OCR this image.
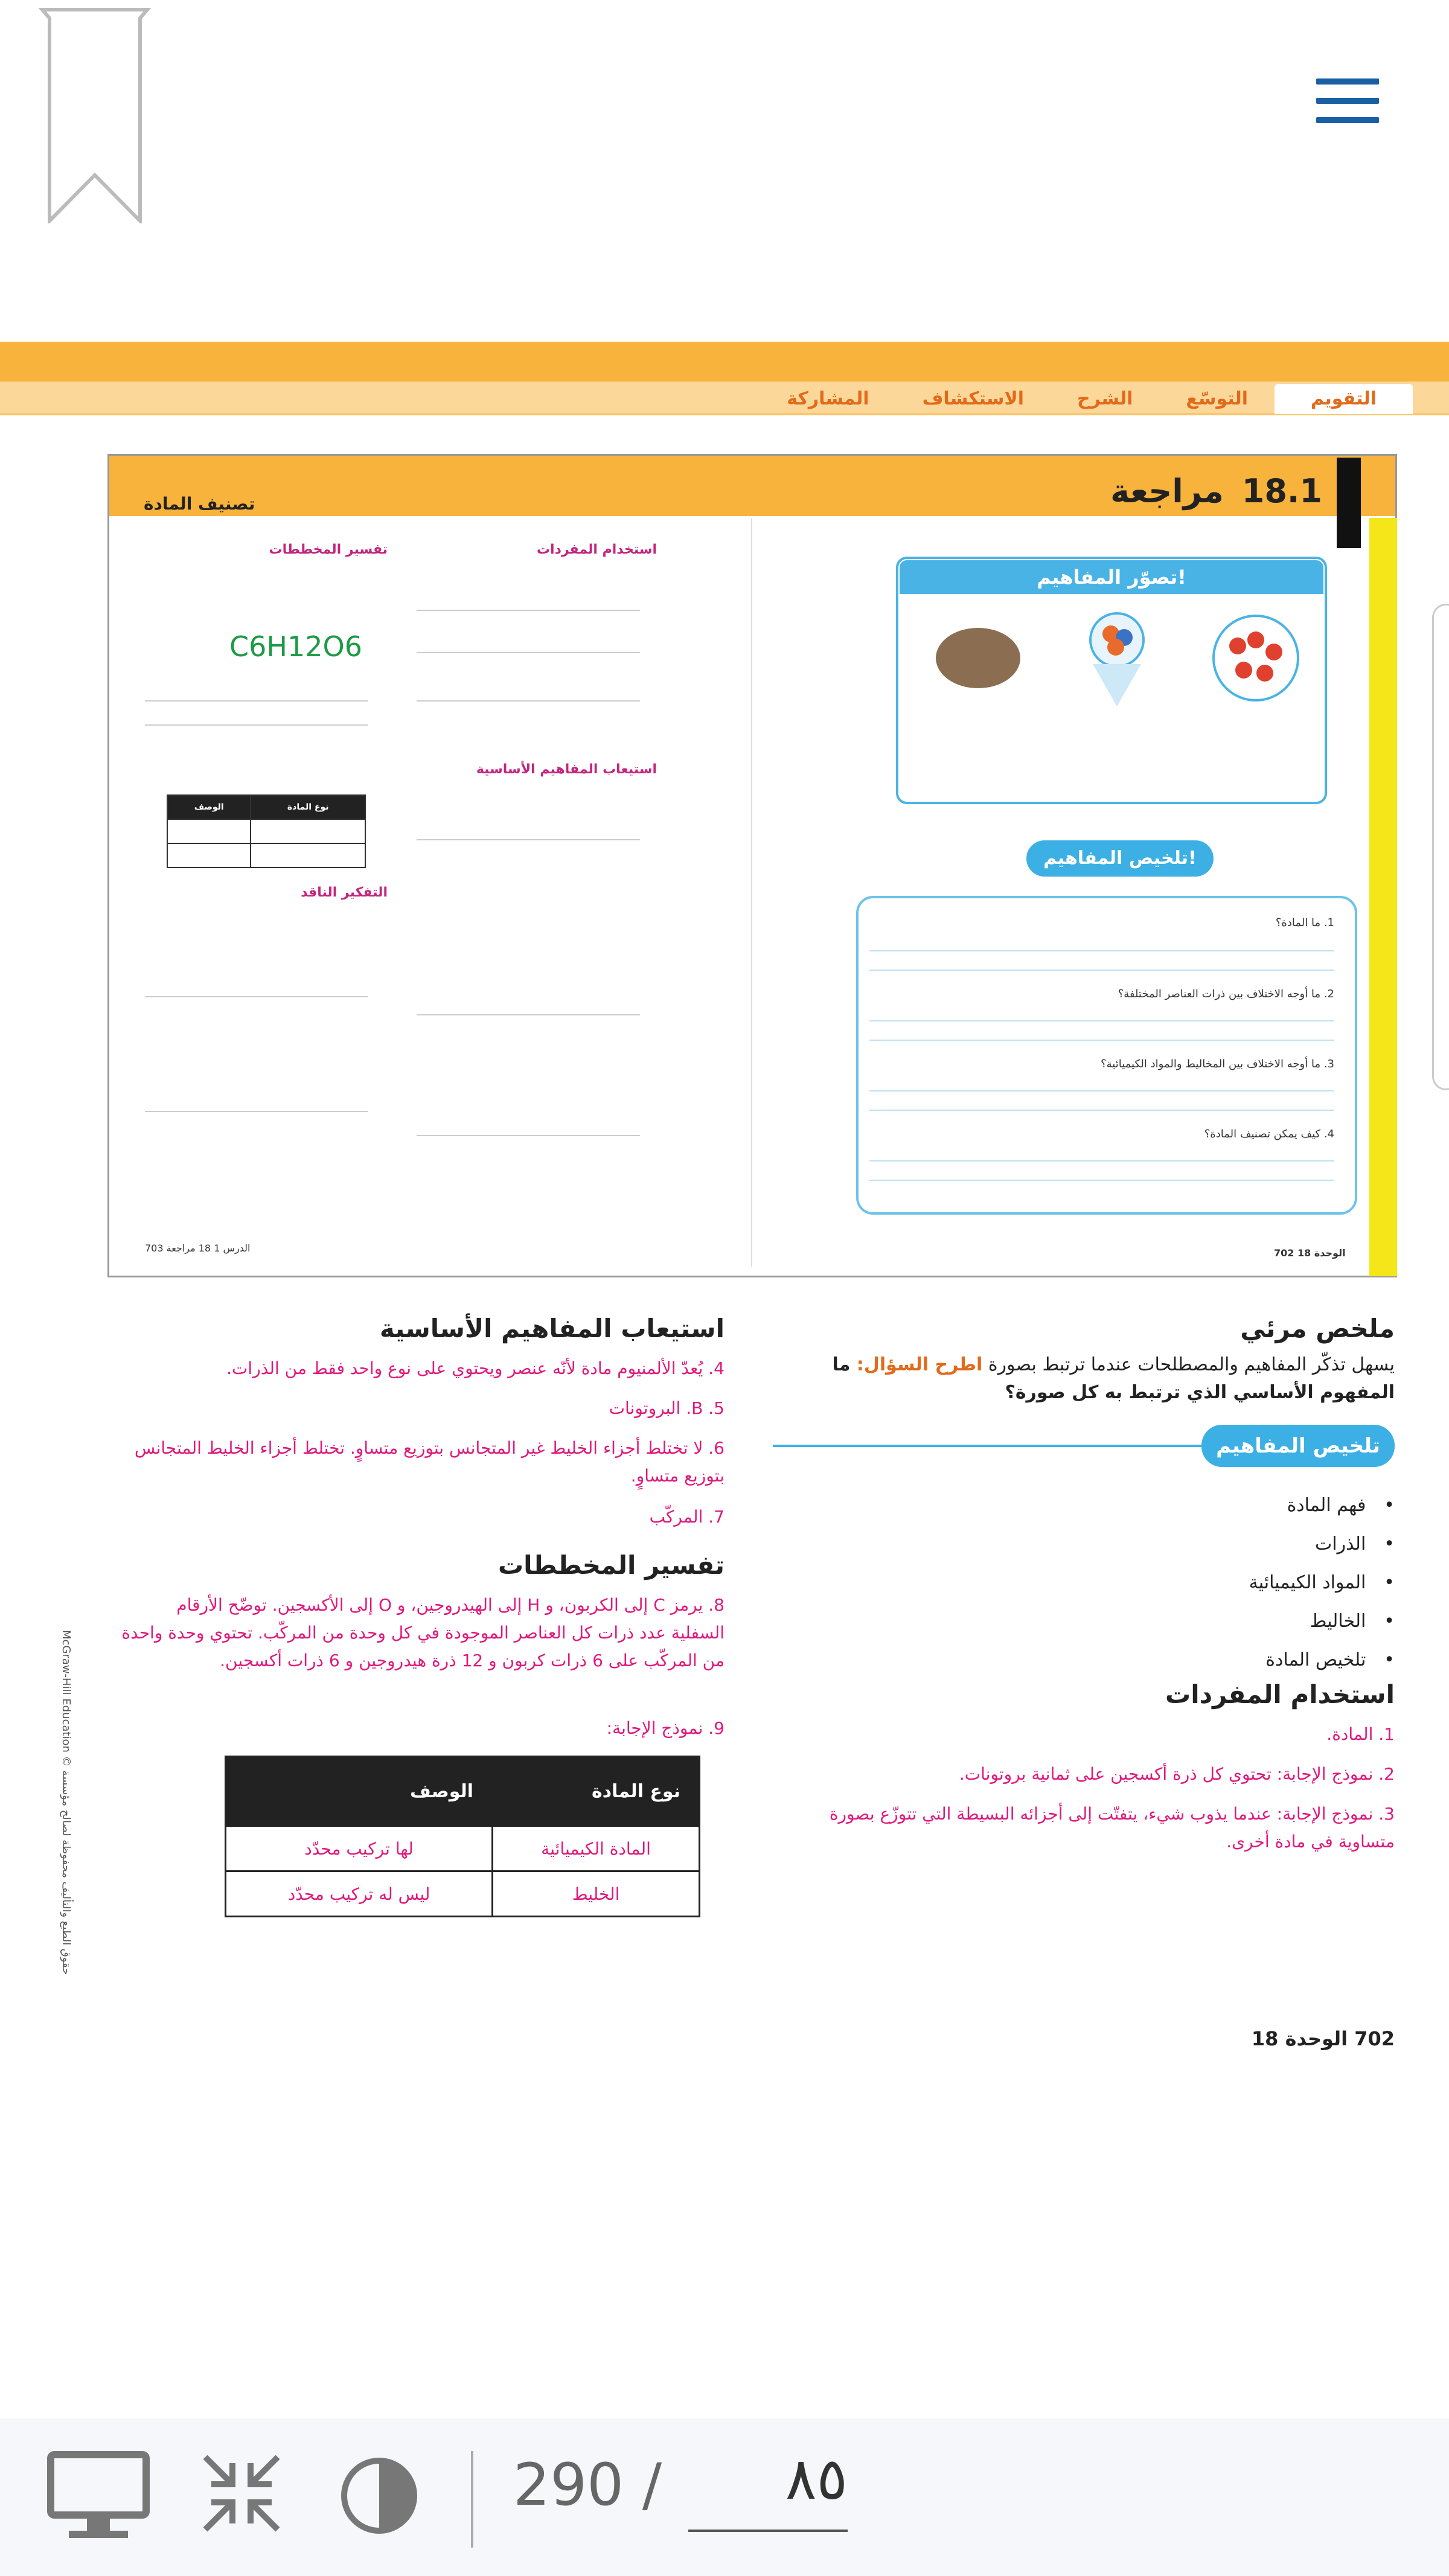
المشاركة	الاستكشاف	الشرح	التوسّع	التقويم
18.1مراجعة
تصنيف المادة
تصوّر المفاهيم!
تلخيص المفاهيم!
1. ما المادة؟
2. ما أوجه الاختلاف بين ذرات العناصر المختلفة؟
3. ما أوجه الاختلاف بين المخاليط والمواد الكيميائية؟
4. كيف يمكن تصنيف المادة؟
استخدام المفردات
استيعاب المفاهيم الأساسية
تفسير المخططات
التفكير الناقد
C6H12O6
الوصف	نوع المادة

الدرس 1 18 مراجعة 703	الوحدة 18 702
ملخص مرئي
يسهل تذكّر المفاهيم والمصطلحات عندما ترتبط بصورة اطرح السؤال: ما المفهوم الأساسي الذي ترتبط به كل صورة؟
تلخيص المفاهيم
• فهم المادة
• الذرات
• المواد الكيميائية
• الخاليط
• تلخيص المادة
استخدام المفردات
1. المادة.
2. نموذج الإجابة: تحتوي كل ذرة أكسجين على ثمانية بروتونات.
3. نموذج الإجابة: عندما يذوب شيء، يتفتّت إلى أجزائه البسيطة التي تتوزّع بصورة متساوية في مادة أخرى.
استيعاب المفاهيم الأساسية
4. يُعدّ الألمنيوم مادة لأنّه عنصر ويحتوي على نوع واحد فقط من الذرات.
5. B. البروتونات
6. لا تختلط أجزاء الخليط غير المتجانس بتوزيع متساوٍ. تختلط أجزاء الخليط المتجانس بتوزيع متساوٍ.
7. المركّب
تفسير المخططات
8. يرمز C إلى الكربون، و H إلى الهيدروجين، و O إلى الأكسجين. توضّح الأرقام السفلية عدد ذرات كل العناصر الموجودة في كل وحدة من المركّب. تحتوي وحدة واحدة من المركّب على 6 ذرات كربون و 12 ذرة هيدروجين و 6 ذرات أكسجين.
9. نموذج الإجابة:
نوع المادة	الوصف
المادة الكيميائية	لها تركيب محدّد
الخليط	ليس له تركيب محدّد
McGraw-Hill Education © حقوق الطبع والتأليف محفوظة لصالح مؤسسة
702 الوحدة 18
290 /	٨٥
